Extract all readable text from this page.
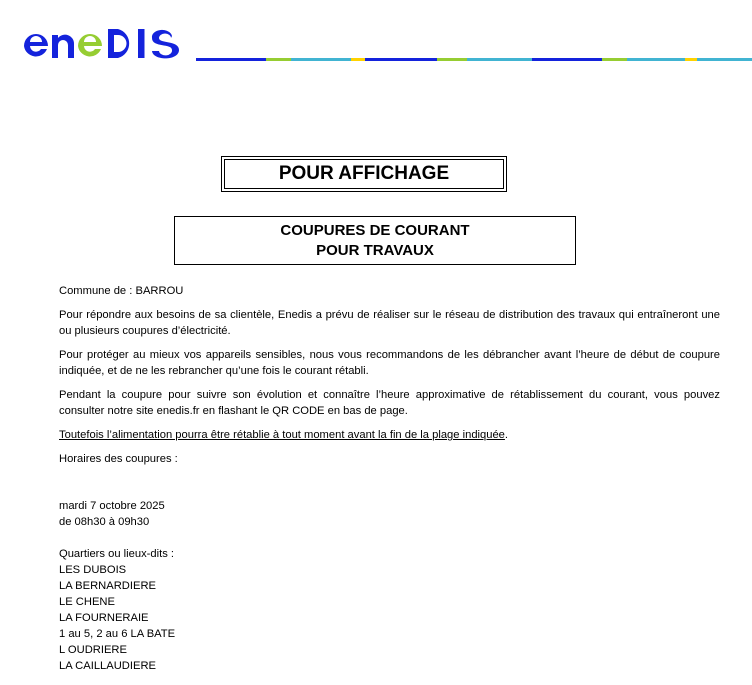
POUR AFFICHAGE
COUPURES DE COURANT
POUR TRAVAUX

Commune de : BARROU

Pour répondre aux besoins de sa clientèle, Enedis a prévu de réaliser sur le réseau de distribution des travaux qui entraîneront une ou plusieurs coupures d’électricité.

Pour protéger au mieux vos appareils sensibles, nous vous recommandons de les débrancher avant l’heure de début de coupure indiquée, et de ne les rebrancher qu’une fois le courant rétabli.

Pendant la coupure pour suivre son évolution et connaître l’heure approximative de rétablissement du courant, vous pouvez consulter notre site enedis.fr en flashant le QR CODE en bas de page.

Toutefois l’alimentation pourra être rétablie à tout moment avant la fin de la plage indiquée.

Horaires des coupures :

mardi 7 octobre 2025

de 08h30 à 09h30

Quartiers ou lieux-dits :

LES DUBOIS

LA BERNARDIERE

LE CHENE

LA FOURNERAIE

1 au 5, 2 au 6 LA BATE

L OUDRIERE

LA CAILLAUDIERE
